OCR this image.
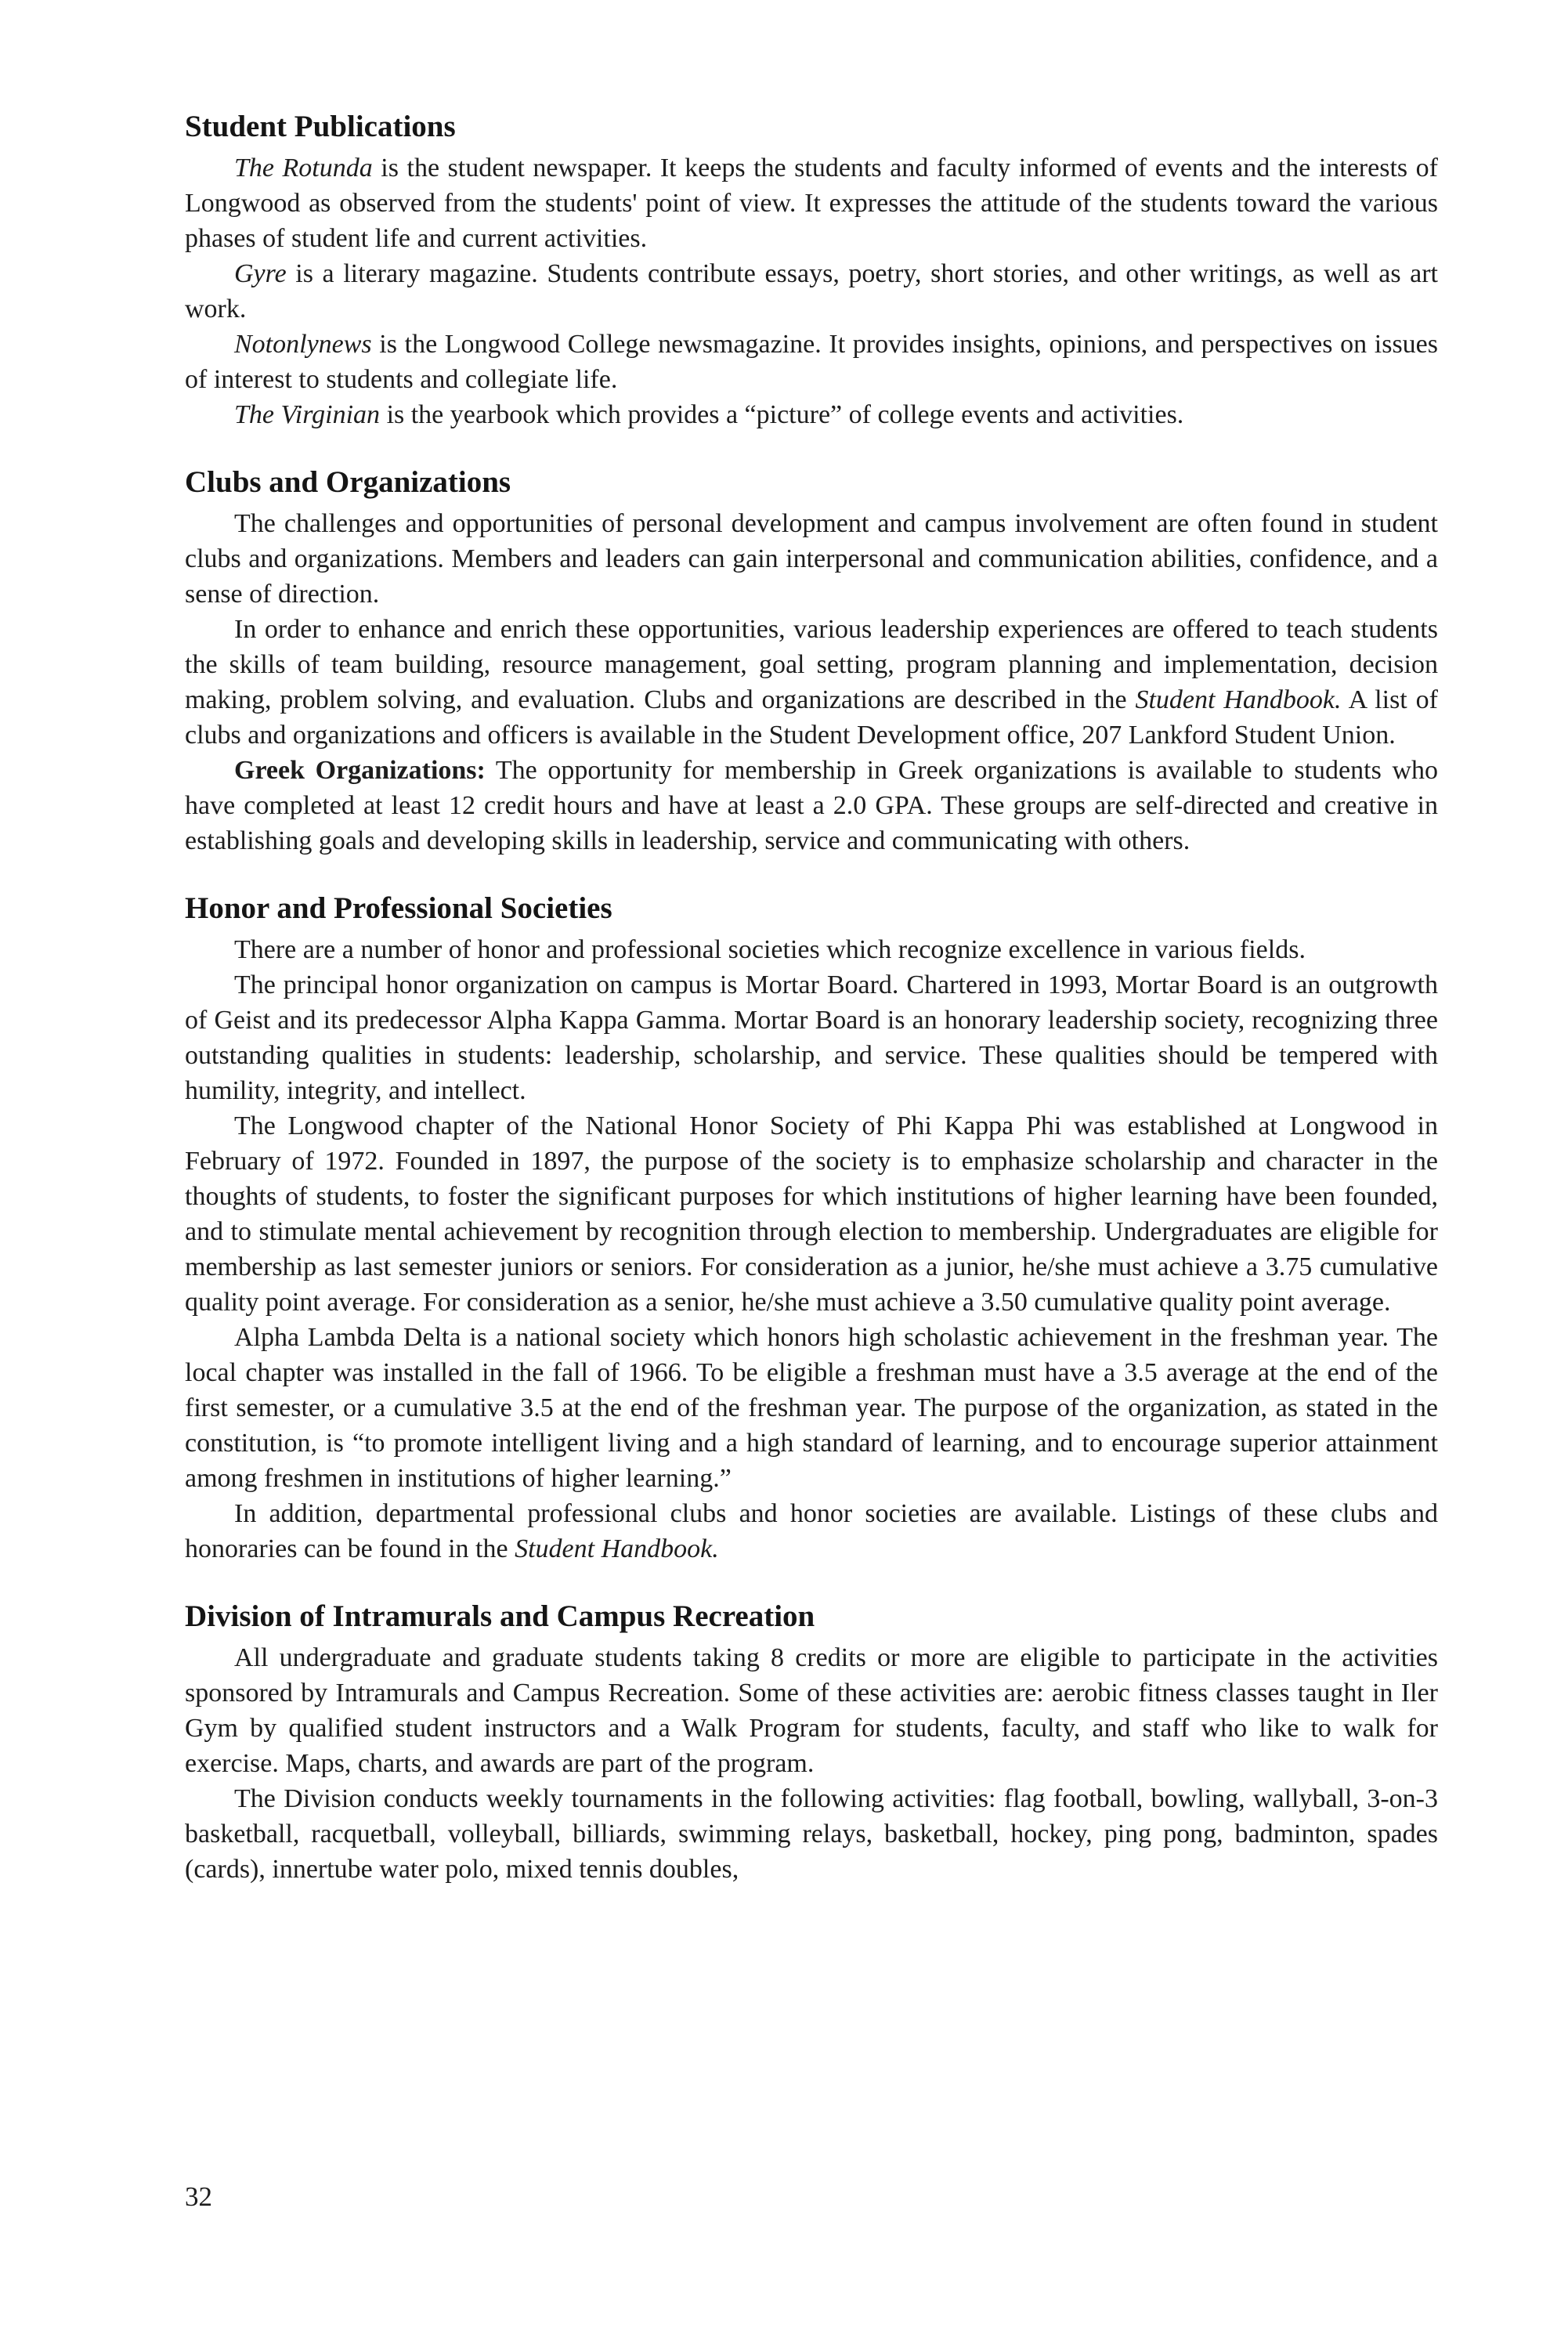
Student Publications

The Rotunda is the student newspaper. It keeps the students and faculty informed of events and the interests of Longwood as observed from the students' point of view. It expresses the attitude of the students toward the various phases of student life and current activities.

Gyre is a literary magazine. Students contribute essays, poetry, short stories, and other writings, as well as art work.

Notonlynews is the Longwood College newsmagazine. It provides insights, opinions, and perspectives on issues of interest to students and collegiate life.

The Virginian is the yearbook which provides a “picture” of college events and activities.

Clubs and Organizations

The challenges and opportunities of personal development and campus involvement are often found in student clubs and organizations. Members and leaders can gain interpersonal and communication abilities, confidence, and a sense of direction.

In order to enhance and enrich these opportunities, various leadership experiences are offered to teach students the skills of team building, resource management, goal setting, program planning and implementation, decision making, problem solving, and evaluation. Clubs and organizations are described in the Student Handbook. A list of clubs and organizations and officers is available in the Student Development office, 207 Lankford Student Union.

Greek Organizations: The opportunity for membership in Greek organizations is available to students who have completed at least 12 credit hours and have at least a 2.0 GPA. These groups are self-directed and creative in establishing goals and developing skills in leadership, service and communicating with others.

Honor and Professional Societies

There are a number of honor and professional societies which recognize excellence in various fields.

The principal honor organization on campus is Mortar Board. Chartered in 1993, Mortar Board is an outgrowth of Geist and its predecessor Alpha Kappa Gamma. Mortar Board is an honorary leadership society, recognizing three outstanding qualities in students: leadership, scholarship, and service. These qualities should be tempered with humility, integrity, and intellect.

The Longwood chapter of the National Honor Society of Phi Kappa Phi was established at Longwood in February of 1972. Founded in 1897, the purpose of the society is to emphasize scholarship and character in the thoughts of students, to foster the significant purposes for which institutions of higher learning have been founded, and to stimulate mental achievement by recognition through election to membership. Undergraduates are eligible for membership as last semester juniors or seniors. For consideration as a junior, he/she must achieve a 3.75 cumulative quality point average. For consideration as a senior, he/she must achieve a 3.50 cumulative quality point average.

Alpha Lambda Delta is a national society which honors high scholastic achievement in the freshman year. The local chapter was installed in the fall of 1966. To be eligible a freshman must have a 3.5 average at the end of the first semester, or a cumulative 3.5 at the end of the freshman year. The purpose of the organization, as stated in the constitution, is “to promote intelligent living and a high standard of learning, and to encourage superior attainment among freshmen in institutions of higher learning.”

In addition, departmental professional clubs and honor societies are available. Listings of these clubs and honoraries can be found in the Student Handbook.

Division of Intramurals and Campus Recreation

All undergraduate and graduate students taking 8 credits or more are eligible to participate in the activities sponsored by Intramurals and Campus Recreation. Some of these activities are: aerobic fitness classes taught in Iler Gym by qualified student instructors and a Walk Program for students, faculty, and staff who like to walk for exercise. Maps, charts, and awards are part of the program.

The Division conducts weekly tournaments in the following activities: flag football, bowling, wallyball, 3-on-3 basketball, racquetball, volleyball, billiards, swimming relays, basketball, hockey, ping pong, badminton, spades (cards), innertube water polo, mixed tennis doubles,

32
